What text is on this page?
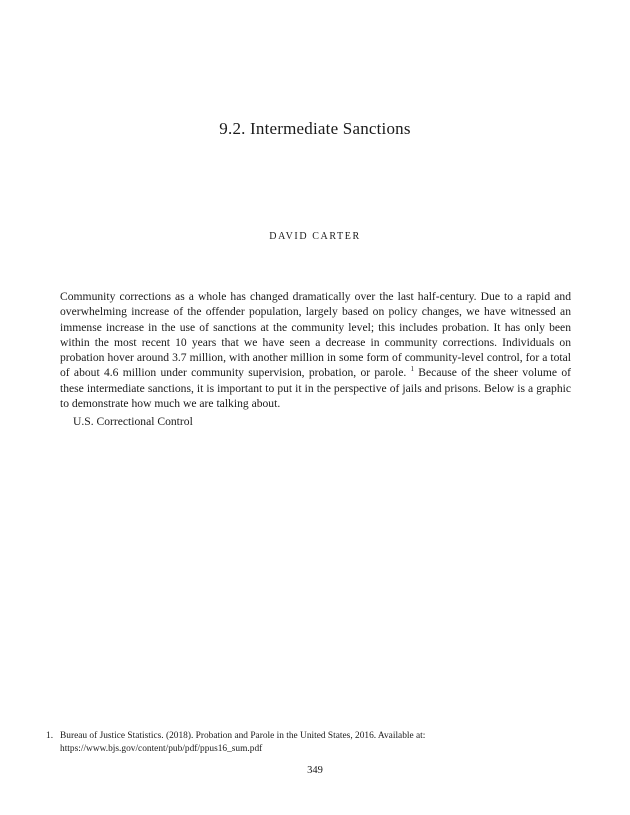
9.2. Intermediate Sanctions

DAVID CARTER

Community corrections as a whole has changed dramatically over the last half-century. Due to a rapid and overwhelming increase of the offender population, largely based on policy changes, we have witnessed an immense increase in the use of sanctions at the community level; this includes probation. It has only been within the most recent 10 years that we have seen a decrease in community corrections. Individuals on probation hover around 3.7 million, with another million in some form of community-level control, for a total of about 4.6 million under community supervision, probation, or parole. $^1$ Because of the sheer volume of these intermediate sanctions, it is important to put it in the perspective of jails and prisons. Below is a graphic to demonstrate how much we are talking about.

U.S. Correctional Control

1. Bureau of Justice Statistics. (2018). Probation and Parole in the United States, 2016. Available at: https://www.bjs.gov/content/pub/pdf/ppus16_sum.pdf

349
